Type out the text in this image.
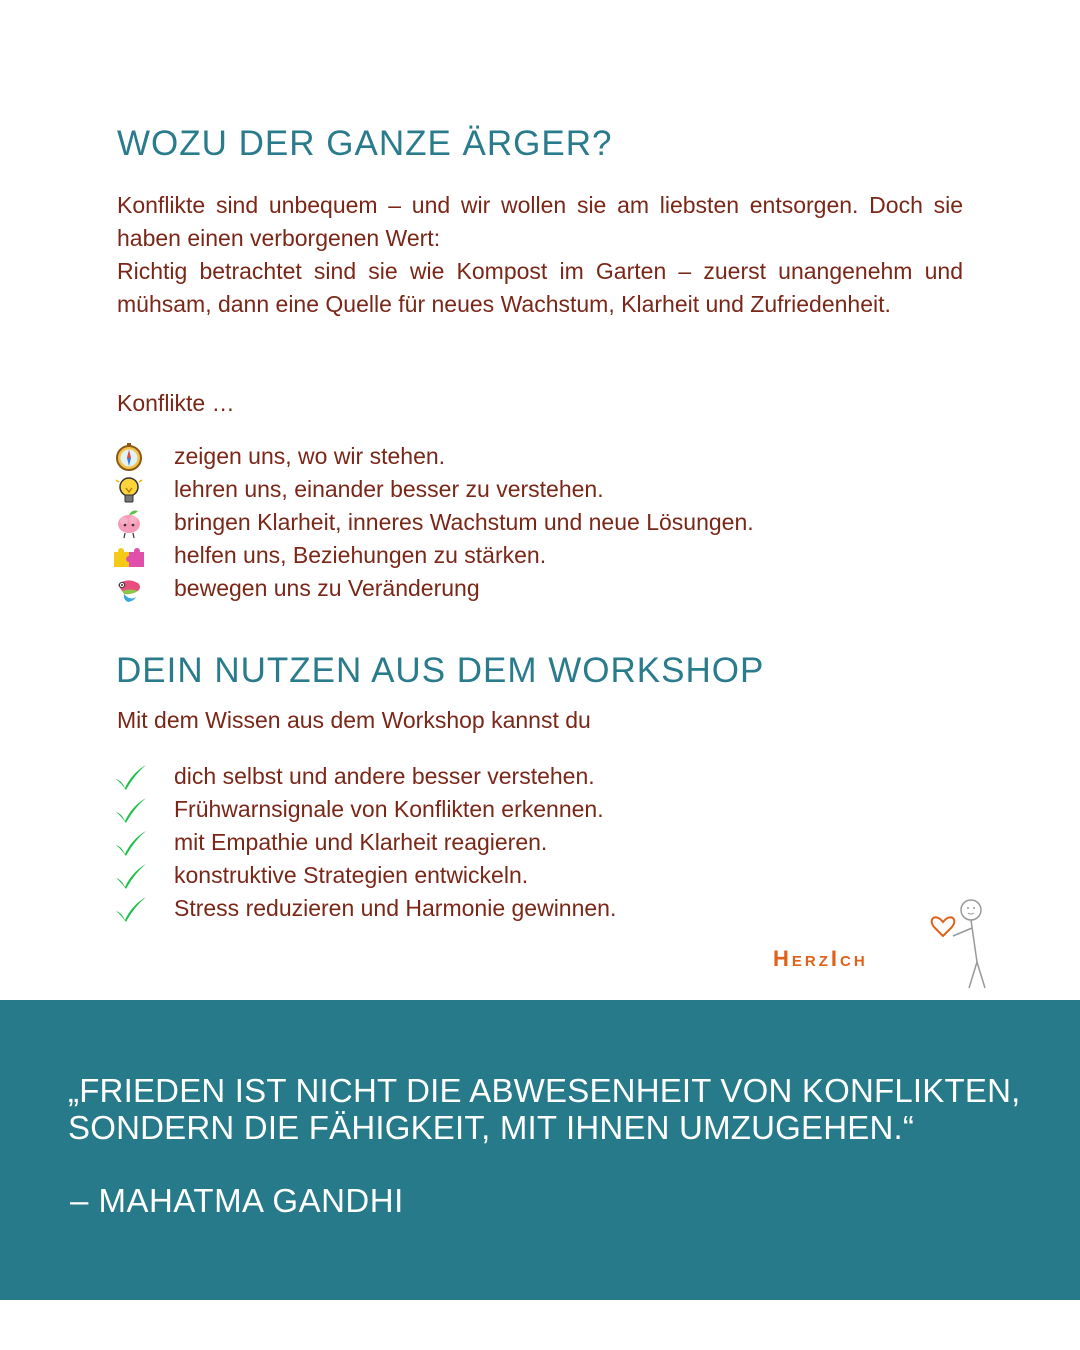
WOZU DER GANZE ÄRGER?

Konflikte sind unbequem – und wir wollen sie am liebsten entsorgen. Doch sie haben einen verborgenen Wert:

Richtig betrachtet sind sie wie Kompost im Garten – zuerst unangenehm und mühsam, dann eine Quelle für neues Wachstum, Klarheit und Zufriedenheit.

Konflikte …

zeigen uns, wo wir stehen.
lehren uns, einander besser zu verstehen.
bringen Klarheit, inneres Wachstum und neue Lösungen.
helfen uns, Beziehungen zu stärken.
bewegen uns zu Veränderung
DEIN NUTZEN AUS DEM WORKSHOP

Mit dem Wissen aus dem Workshop kannst du

dich selbst und andere besser verstehen.
Frühwarnsignale von Konflikten erkennen.
mit Empathie und Klarheit reagieren.
konstruktive Strategien entwickeln.
Stress reduzieren und Harmonie gewinnen.
HerzIch

„FRIEDEN IST NICHT DIE ABWESENHEIT VON KONFLIKTEN, SONDERN DIE FÄHIGKEIT, MIT IHNEN UMZUGEHEN.“

– MAHATMA GANDHI
